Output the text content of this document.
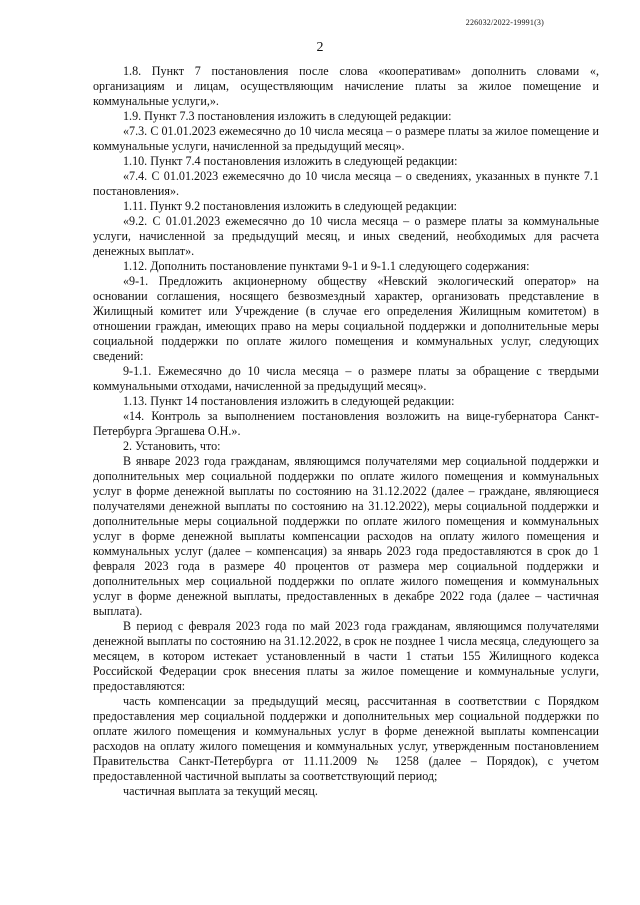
226032/2022-19991(3)
2

1.8. Пункт 7 постановления после слова «кооперативам» дополнить словами «, организациям и лицам, осуществляющим начисление платы за жилое помещение и коммунальные услуги,».

1.9. Пункт 7.3 постановления изложить в следующей редакции:

«7.3. С 01.01.2023 ежемесячно до 10 числа месяца – о размере платы за жилое помещение и коммунальные услуги, начисленной за предыдущий месяц».

1.10. Пункт 7.4 постановления изложить в следующей редакции:

«7.4. С 01.01.2023 ежемесячно до 10 числа месяца – о сведениях, указанных в пункте 7.1 постановления».

1.11. Пункт 9.2 постановления изложить в следующей редакции:

«9.2. С 01.01.2023 ежемесячно до 10 числа месяца – о размере платы за коммунальные услуги, начисленной за предыдущий месяц, и иных сведений, необходимых для расчета денежных выплат».

1.12. Дополнить постановление пунктами 9-1 и 9-1.1 следующего содержания:

«9-1. Предложить акционерному обществу «Невский экологический оператор» на основании соглашения, носящего безвозмездный характер, организовать представление в Жилищный комитет или Учреждение (в случае его определения Жилищным комитетом) в отношении граждан, имеющих право на меры социальной поддержки и дополнительные меры социальной поддержки по оплате жилого помещения и коммунальных услуг, следующих сведений:

9-1.1. Ежемесячно до 10 числа месяца – о размере платы за обращение с твердыми коммунальными отходами, начисленной за предыдущий месяц».

1.13. Пункт 14 постановления изложить в следующей редакции:

«14. Контроль за выполнением постановления возложить на вице-губернатора Санкт-Петербурга Эргашева О.Н.».

2. Установить, что:

В январе 2023 года гражданам, являющимся получателями мер социальной поддержки и дополнительных мер социальной поддержки по оплате жилого помещения и коммунальных услуг в форме денежной выплаты по состоянию на 31.12.2022 (далее – граждане, являющиеся получателями денежной выплаты по состоянию на 31.12.2022), меры социальной поддержки и дополнительные меры социальной поддержки по оплате жилого помещения и коммунальных услуг в форме денежной выплаты компенсации расходов на оплату жилого помещения и коммунальных услуг (далее – компенсация) за январь 2023 года предоставляются в срок до 1 февраля 2023 года в размере 40 процентов от размера мер социальной поддержки и дополнительных мер социальной поддержки по оплате жилого помещения и коммунальных услуг в форме денежной выплаты, предоставленных в декабре 2022 года (далее – частичная выплата).

В период с февраля 2023 года по май 2023 года гражданам, являющимся получателями денежной выплаты по состоянию на 31.12.2022, в срок не позднее 1 числа месяца, следующего за месяцем, в котором истекает установленный в части 1 статьи 155 Жилищного кодекса Российской Федерации срок внесения платы за жилое помещение и коммунальные услуги, предоставляются:

часть компенсации за предыдущий месяц, рассчитанная в соответствии с Порядком предоставления мер социальной поддержки и дополнительных мер социальной поддержки по оплате жилого помещения и коммунальных услуг в форме денежной выплаты компенсации расходов на оплату жилого помещения и коммунальных услуг, утвержденным постановлением Правительства Санкт-Петербурга от 11.11.2009 № 1258 (далее – Порядок), с учетом предоставленной частичной выплаты за соответствующий период;

частичная выплата за текущий месяц.
